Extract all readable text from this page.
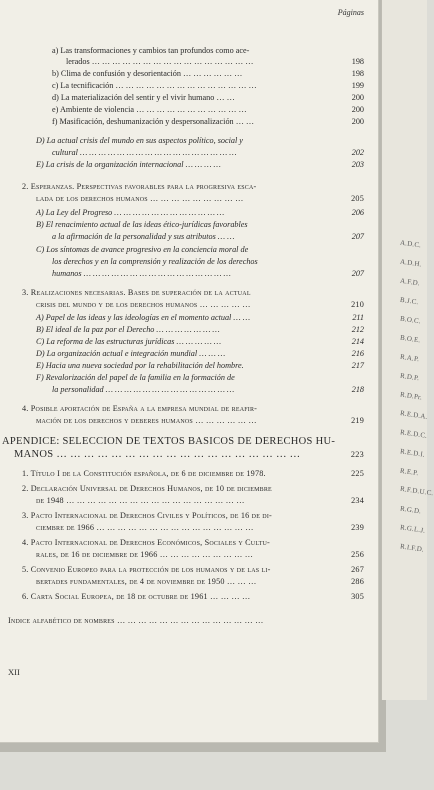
A.D.C.
A.D.H.
A.F.D.
B.J.C.
B.O.C.
B.O.E.
R.A.P.
R.D.P.
R.D.Pr.
R.E.D.A.
R.E.D.C.
R.E.D.I.
R.E.P.
R.F.D.U.C.
R.G.D.
R.G.L.J.
R.I.F.D.
Páginas
a) Las transformaciones y cambios tan profundos como ace-
lerados … … … … … … … … … … … … … … … …	198
b) Clima de confusión y desorientación … … … … … …	198
c) La tecnificación … … … … … … … … … … … … … …	199
d) La materialización del sentir y el vivir humano … …	200
e) Ambiente de violencia … … … … … … … … … … …	200
f) Masificación, deshumanización y despersonalización … …	200
D) La actual crisis del mundo en sus aspectos político, social y
cultural … … … … … … … … … … … … … … … … …	202
E) La crisis de la organización internacional … … … …	203
2. Esperanzas. Perspectivas favorables para la progresiva esca-
lada de los derechos humanos … … … … … … … … …	205
A) La Ley del Progreso … … … … … … … … … … … …	206
B) El renacimiento actual de las ideas ético-jurídicas favorables
a la afirmación de la personalidad y sus atributos … …	207
C) Los síntomas de avance progresivo en la conciencia moral de
los derechos y en la comprensión y realización de los derechos
humanos … … … … … … … … … … … … … … … …	207
3. Realizaciones necesarias. Bases de superación de la actual
crisis del mundo y de los derechos humanos … … … … …	210
A) Papel de las ideas y las ideologías en el momento actual … …	211
B) El ideal de la paz por el Derecho … … … … … … …	212
C) La reforma de las estructuras jurídicas … … … … …	214
D) La organización actual e integración mundial … … …	216
E) Hacia una nueva sociedad por la rehabilitación del hombre.	217
F) Revalorización del papel de la familia en la formación de
la personalidad … … … … … … … … … … … … … …	218
4. Posible aportación de España a la empresa mundial de reafir-
mación de los derechos y deberes humanos … … … … … …	219
APENDICE: SELECCION DE TEXTOS BASICOS DE DERECHOS HU-
MANOS … … … … … … … … … … … … … … … … … …	223
1. Título I de la Constitución española, de 6 de diciembre de 1978.	225
2. Declaración Universal de Derechos Humanos, de 10 de diciembre
de 1948 … … … … … … … … … … … … … … … … …	234
3. Pacto Internacional de Derechos Civiles y Políticos, de 16 de di-
ciembre de 1966 … … … … … … … … … … … … … … …	239
4. Pacto Internacional de Derechos Económicos, Sociales y Cultu-
rales, de 16 de diciembre de 1966 … … … … … … … … …	256
5. Convenio Europeo para la protección de los humanos y de las li-	267
bertades fundamentales, de 4 de noviembre de 1950 … … …	286
6. Carta Social Europea, de 18 de octubre de 1961 … … … …	305
Indice alfabético de nombres … … … … … … … … … … … … … …
XII
